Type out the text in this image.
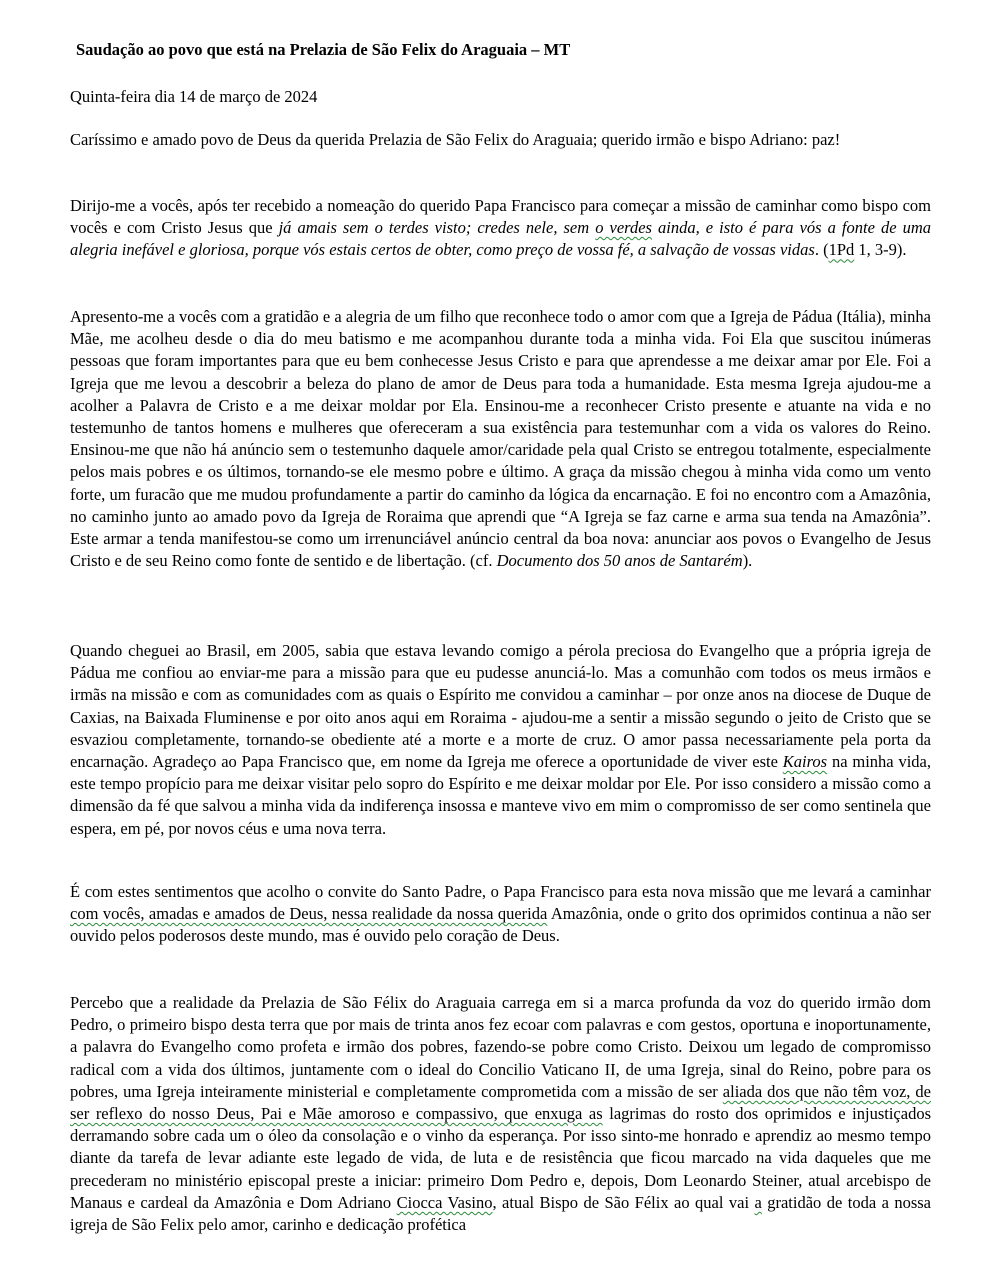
Saudação ao povo que está na Prelazia de São Felix do Araguaia – MT

Quinta-feira dia 14 de março de 2024

Caríssimo e amado povo de Deus da querida Prelazia de São Felix do Araguaia; querido irmão e bispo Adriano: paz!

Dirijo-me a vocês, após ter recebido a nomeação do querido Papa Francisco para começar a missão de caminhar como bispo com vocês e com Cristo Jesus que já amais sem o terdes visto; credes nele, sem o verdes ainda, e isto é para vós a fonte de uma alegria inefável e gloriosa, porque vós estais certos de obter, como preço de vossa fé, a salvação de vossas vidas. (1Pd 1, 3-9).

Apresento-me a vocês com a gratidão e a alegria de um filho que reconhece todo o amor com que a Igreja de Pádua (Itália), minha Mãe, me acolheu desde o dia do meu batismo e me acompanhou durante toda a minha vida. Foi Ela que suscitou inúmeras pessoas que foram importantes para que eu bem conhecesse Jesus Cristo e para que aprendesse a me deixar amar por Ele. Foi a Igreja que me levou a descobrir a beleza do plano de amor de Deus para toda a humanidade. Esta mesma Igreja ajudou-me a acolher a Palavra de Cristo e a me deixar moldar por Ela. Ensinou-me a reconhecer Cristo presente e atuante na vida e no testemunho de tantos homens e mulheres que ofereceram a sua existência para testemunhar com a vida os valores do Reino. Ensinou-me que não há anúncio sem o testemunho daquele amor/caridade pela qual Cristo se entregou totalmente, especialmente pelos mais pobres e os últimos, tornando-se ele mesmo pobre e último. A graça da missão chegou à minha vida como um vento forte, um furacão que me mudou profundamente a partir do caminho da lógica da encarnação. E foi no encontro com a Amazônia, no caminho junto ao amado povo da Igreja de Roraima que aprendi que “A Igreja se faz carne e arma sua tenda na Amazônia”. Este armar a tenda manifestou-se como um irrenunciável anúncio central da boa nova: anunciar aos povos o Evangelho de Jesus Cristo e de seu Reino como fonte de sentido e de libertação. (cf. Documento dos 50 anos de Santarém).

Quando cheguei ao Brasil, em 2005, sabia que estava levando comigo a pérola preciosa do Evangelho que a própria igreja de Pádua me confiou ao enviar-me para a missão para que eu pudesse anunciá-lo. Mas a comunhão com todos os meus irmãos e irmãs na missão e com as comunidades com as quais o Espírito me convidou a caminhar – por onze anos na diocese de Duque de Caxias, na Baixada Fluminense e por oito anos aqui em Roraima - ajudou-me a sentir a missão segundo o jeito de Cristo que se esvaziou completamente, tornando-se obediente até a morte e a morte de cruz. O amor passa necessariamente pela porta da encarnação. Agradeço ao Papa Francisco que, em nome da Igreja me oferece a oportunidade de viver este Kairos na minha vida, este tempo propício para me deixar visitar pelo sopro do Espírito e me deixar moldar por Ele. Por isso considero a missão como a dimensão da fé que salvou a minha vida da indiferença insossa e manteve vivo em mim o compromisso de ser como sentinela que espera, em pé, por novos céus e uma nova terra.

É com estes sentimentos que acolho o convite do Santo Padre, o Papa Francisco para esta nova missão que me levará a caminhar com vocês, amadas e amados de Deus, nessa realidade da nossa querida Amazônia, onde o grito dos oprimidos continua a não ser ouvido pelos poderosos deste mundo, mas é ouvido pelo coração de Deus.

Percebo que a realidade da Prelazia de São Félix do Araguaia carrega em si a marca profunda da voz do querido irmão dom Pedro, o primeiro bispo desta terra que por mais de trinta anos fez ecoar com palavras e com gestos, oportuna e inoportunamente, a palavra do Evangelho como profeta e irmão dos pobres, fazendo-se pobre como Cristo. Deixou um legado de compromisso radical com a vida dos últimos, juntamente com o ideal do Concilio Vaticano II, de uma Igreja, sinal do Reino, pobre para os pobres, uma Igreja inteiramente ministerial e completamente comprometida com a missão de ser aliada dos que não têm voz, de ser reflexo do nosso Deus, Pai e Mãe amoroso e compassivo, que enxuga as lagrimas do rosto dos oprimidos e injustiçados derramando sobre cada um o óleo da consolação e o vinho da esperança. Por isso sinto-me honrado e aprendiz ao mesmo tempo diante da tarefa de levar adiante este legado de vida, de luta e de resistência que ficou marcado na vida daqueles que me precederam no ministério episcopal preste a iniciar: primeiro Dom Pedro e, depois, Dom Leonardo Steiner, atual arcebispo de Manaus e cardeal da Amazônia e Dom Adriano Ciocca Vasino, atual Bispo de São Félix ao qual vai a gratidão de toda a nossa igreja de São Felix pelo amor, carinho e dedicação profética
